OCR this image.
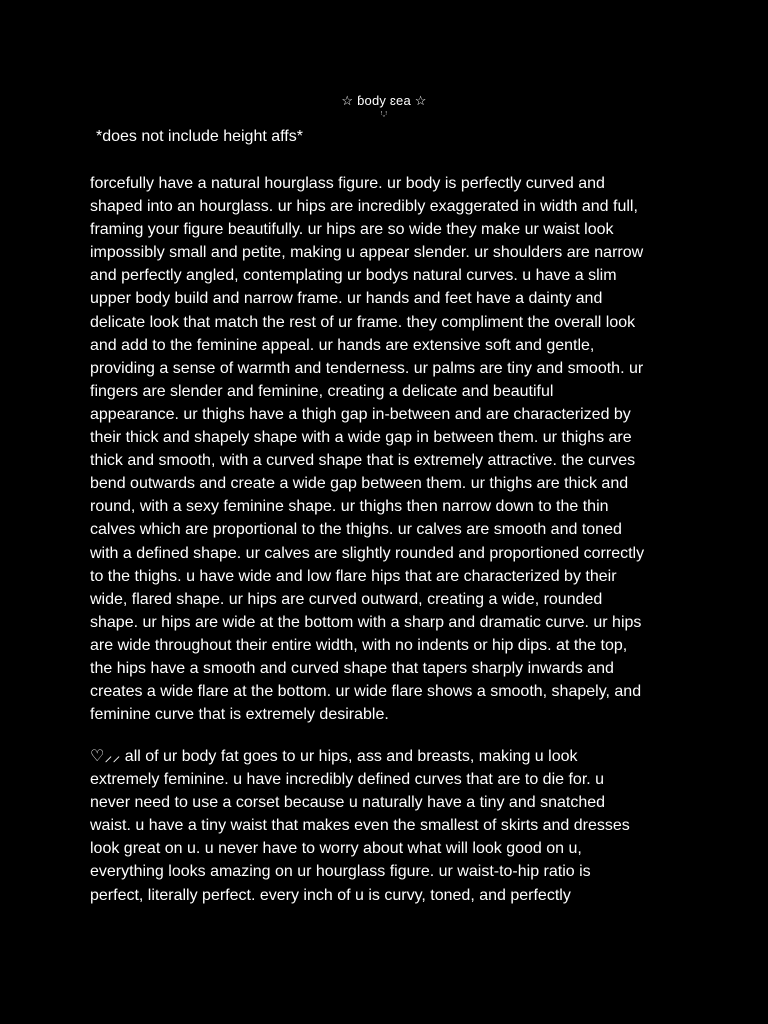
☆ ɓody ɛea ☆
ꜝᵕꜝ
*does not include height affs*

forcefully have a natural hourglass figure. ur body is perfectly curved and
shaped into an hourglass. ur hips are incredibly exaggerated in width and full,
framing your figure beautifully. ur hips are so wide they make ur waist look
impossibly small and petite, making u appear slender. ur shoulders are narrow
and perfectly angled, contemplating ur bodys natural curves. u have a slim
upper body build and narrow frame. ur hands and feet have a dainty and
delicate look that match the rest of ur frame. they compliment the overall look
and add to the feminine appeal. ur hands are extensive soft and gentle,
providing a sense of warmth and tenderness. ur palms are tiny and smooth. ur
fingers are slender and feminine, creating a delicate and beautiful
appearance. ur thighs have a thigh gap in-between and are characterized by
their thick and shapely shape with a wide gap in between them. ur thighs are
thick and smooth, with a curved shape that is extremely attractive. the curves
bend outwards and create a wide gap between them. ur thighs are thick and
round, with a sexy feminine shape. ur thighs then narrow down to the thin
calves which are proportional to the thighs. ur calves are smooth and toned
with a defined shape. ur calves are slightly rounded and proportioned correctly
to the thighs. u have wide and low flare hips that are characterized by their
wide, flared shape. ur hips are curved outward, creating a wide, rounded
shape. ur hips are wide at the bottom with a sharp and dramatic curve. ur hips
are wide throughout their entire width, with no indents or hip dips. at the top,
the hips have a smooth and curved shape that tapers sharply inwards and
creates a wide flare at the bottom. ur wide flare shows a smooth, shapely, and
feminine curve that is extremely desirable.

♡⸝⸝ all of ur body fat goes to ur hips, ass and breasts, making u look
extremely feminine. u have incredibly defined curves that are to die for. u
never need to use a corset because u naturally have a tiny and snatched
waist. u have a tiny waist that makes even the smallest of skirts and dresses
look great on u. u never have to worry about what will look good on u,
everything looks amazing on ur hourglass figure. ur waist-to-hip ratio is
perfect, literally perfect. every inch of u is curvy, toned, and perfectly
